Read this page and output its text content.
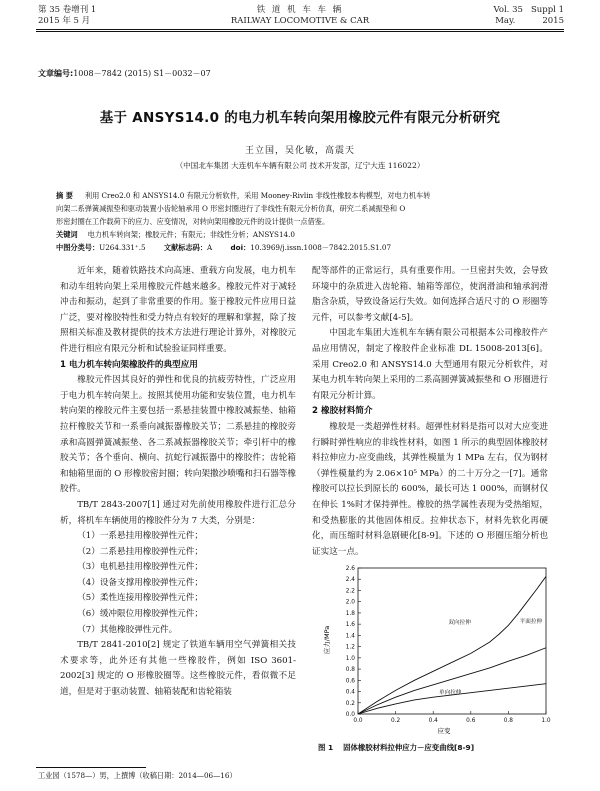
第 35 卷增刊 1
2015 年 5 月
铁 道 机 车 车 辆
RAILWAY LOCOMOTIVE & CAR
Vol. 35   Suppl 1
May.          2015
文章编号:1008－7842 (2015) S1－0032－07
基于 ANSYS14.0 的电力机车转向架用橡胶元件有限元分析研究
王立国，吴化敏，高震天
（中国北车集团 大连机车车辆有限公司 技术开发部，辽宁大连 116022）
摘 要 利用 Creo2.0 和 ANSYS14.0 有限元分析软件，采用 Mooney-Rivlin 非线性橡胶本构模型，对电力机车转
向架二系弹簧减振垫和驱动装置小齿轮轴承用 O 形密封圈进行了非线性有限元分析仿真，研究二系减振垫和 O
形密封圈在工作载荷下的应力、应变情况，对转向架用橡胶元件的设计提供一点借鉴。
关键词 电力机车转向架；橡胶元件；有限元；非线性分析；ANSYS14.0
中图分类号：U264.331⁺.5	文献标志码：A	doi：10.3969/j.issn.1008－7842.2015.S1.07

近年来，随着铁路技术向高速、重载方向发展，电力机车和动车组转向架上采用橡胶元件越来越多。橡胶元件对于减轻冲击和振动，起到了非常重要的作用。鉴于橡胶元件应用日益广泛，要对橡胶特性和受力特点有较好的理解和掌握，除了按照相关标准及教材提供的技术方法进行理论计算外，对橡胶元件进行相应有限元分析和试验验证同样重要。

1 电力机车转向架橡胶件的典型应用

橡胶元件因其良好的弹性和优良的抗疲劳特性，广泛应用于电力机车转向架上。按照其使用功能和安装位置，电力机车转向架的橡胶元件主要包括一系悬挂装置中橡胶减振垫、轴箱拉杆橡胶关节和一系垂向减振器橡胶关节；二系悬挂的橡胶旁承和高圆弹簧减振垫、各二系减振器橡胶关节；牵引杆中的橡胶关节；各个垂向、横向、抗蛇行减振器中的橡胶件；齿轮箱和轴箱里面的 O 形橡胶密封圈；转向架撒沙喷嘴和扫石器等橡胶件。

TB/T 2843-2007[1] 通过对先前使用橡胶件进行汇总分析，将机车车辆使用的橡胶件分为 7 大类，分别是：

（1）一系悬挂用橡胶弹性元件；
（2）二系悬挂用橡胶弹性元件；
（3）电机悬挂用橡胶弹性元件；
（4）设备支撑用橡胶弹性元件；
（5）柔性连接用橡胶弹性元件；
（6）缓冲限位用橡胶弹性元件；
（7）其他橡胶弹性元件。

TB/T 2841-2010[2] 规定了铁道车辆用空气弹簧相关技术要求等，此外还有其他一些橡胶件，例如 ISO 3601-2002[3] 规定的 O 形橡胶圈等。这些橡胶元件，看似微不足道，但是对于驱动装置、轴箱装配和齿轮箱装

配等部件的正常运行，具有重要作用。一旦密封失效，会导致环境中的杂质进入齿轮箱、轴箱等部位，使润滑油和轴承润滑脂含杂质，导致设备运行失效。如何选择合适尺寸的 O 形圈等元件，可以参考文献[4-5]。

中国北车集团大连机车车辆有限公司根据本公司橡胶件产品应用情况，制定了橡胶件企业标准 DL 15008-2013[6]。采用 Creo2.0 和 ANSYS14.0 大型通用有限元分析软件，对某电力机车转向架上采用的二系高圆弹簧减振垫和 O 形圈进行有限元分析计算。

2 橡胶材料简介

橡胶是一类超弹性材料。超弹性材料是指可以对大应变进行瞬时弹性响应的非线性材料，如图 1 所示的典型固体橡胶材料拉伸应力-应变曲线，其弹性模量为 1 MPa 左右，仅为钢材（弹性模量约为 2.06×10⁵ MPa）的二十万分之一[7]。通常橡胶可以拉长到原长的 600%，最长可达 1 000%，而钢材仅在伸长 1%时才保持弹性。橡胶的热学属性表现为受热缩短，和受热膨胀的其他固体相反。拉伸状态下，材料先软化再硬化，而压缩时材料急剧硬化[8-9]。下述的 O 形圈压缩分析也证实这一点。

双向拉伸	平面拉伸
单向拉伸
0.0
0.2
0.4
0.6
0.8
1.0
1.2
1.4
1.6
1.8
2.0
2.2
2.4
2.6
0.0	0.2	0.4	0.6	0.8	1.0
应力/MPa
应变
图 1 固体橡胶材料拉伸应力－应变曲线[8-9]
工业园（1578—）男，上撰博（收稿日期：2014—06—16）
